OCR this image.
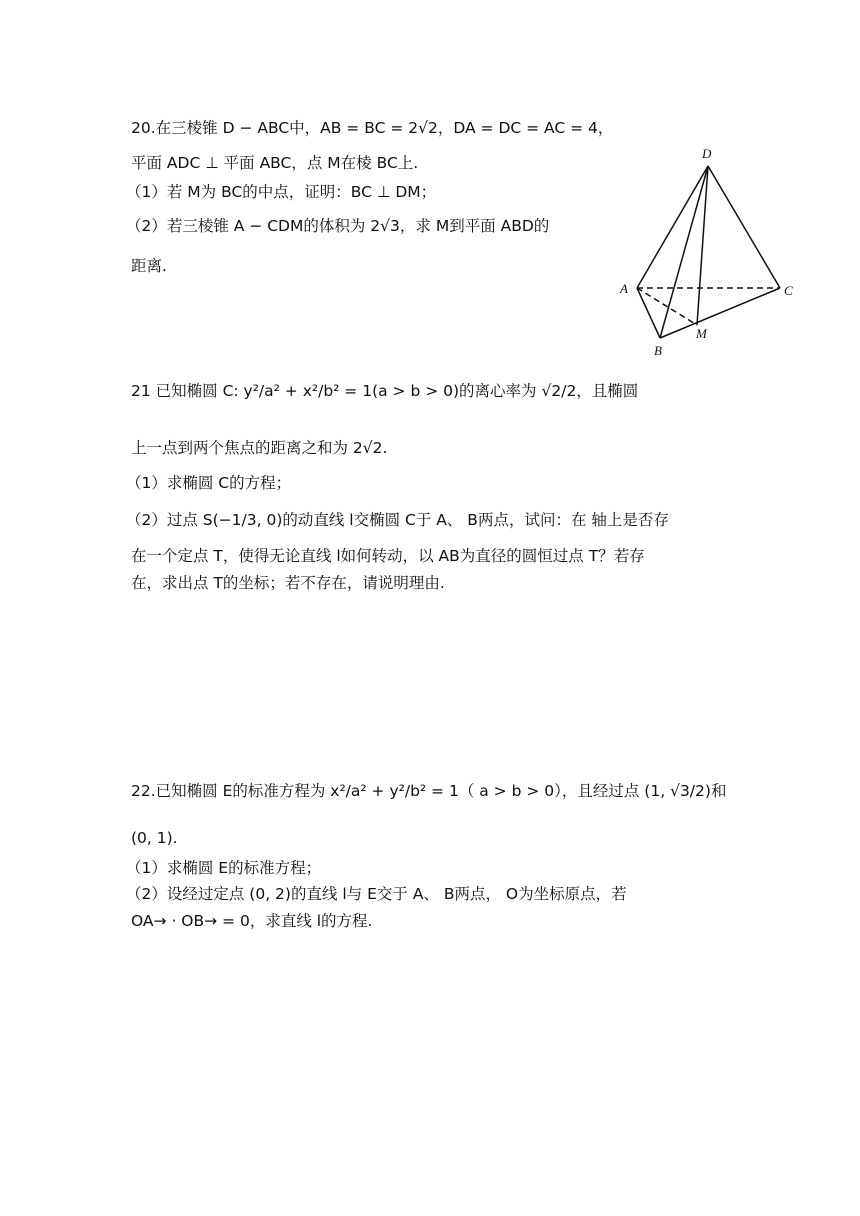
20.在三棱锥 D − ABC中，AB = BC = 2√2，DA = DC = AC = 4，
平面 ADC ⊥ 平面 ABC，点 M在棱 BC上.
（1）若 M为 BC的中点，证明：BC ⊥ DM；
（2）若三棱锥 A − CDM的体积为 2√3，求 M到平面 ABD的
距离.
D
A	C
B
M
21 已知椭圆 C: y²/a² + x²/b² = 1(a > b > 0)的离心率为 √2/2，且椭圆
上一点到两个焦点的距离之和为 2√2.
（1）求椭圆 C的方程；
（2）过点 S(−1/3, 0)的动直线 l交椭圆 C于 A、 B两点，试问：在 轴上是否存
在一个定点 T，使得无论直线 l如何转动，以 AB为直径的圆恒过点 T？若存
在，求出点 T的坐标；若不存在，请说明理由.
22.已知椭圆 E的标准方程为 x²/a² + y²/b² = 1（ a > b > 0），且经过点 (1, √3/2)和
(0, 1).
（1）求椭圆 E的标准方程；
（2）设经过定点 (0, 2)的直线 l与 E交于 A、 B两点， O为坐标原点，若
OA→ · OB→ = 0，求直线 l的方程.
